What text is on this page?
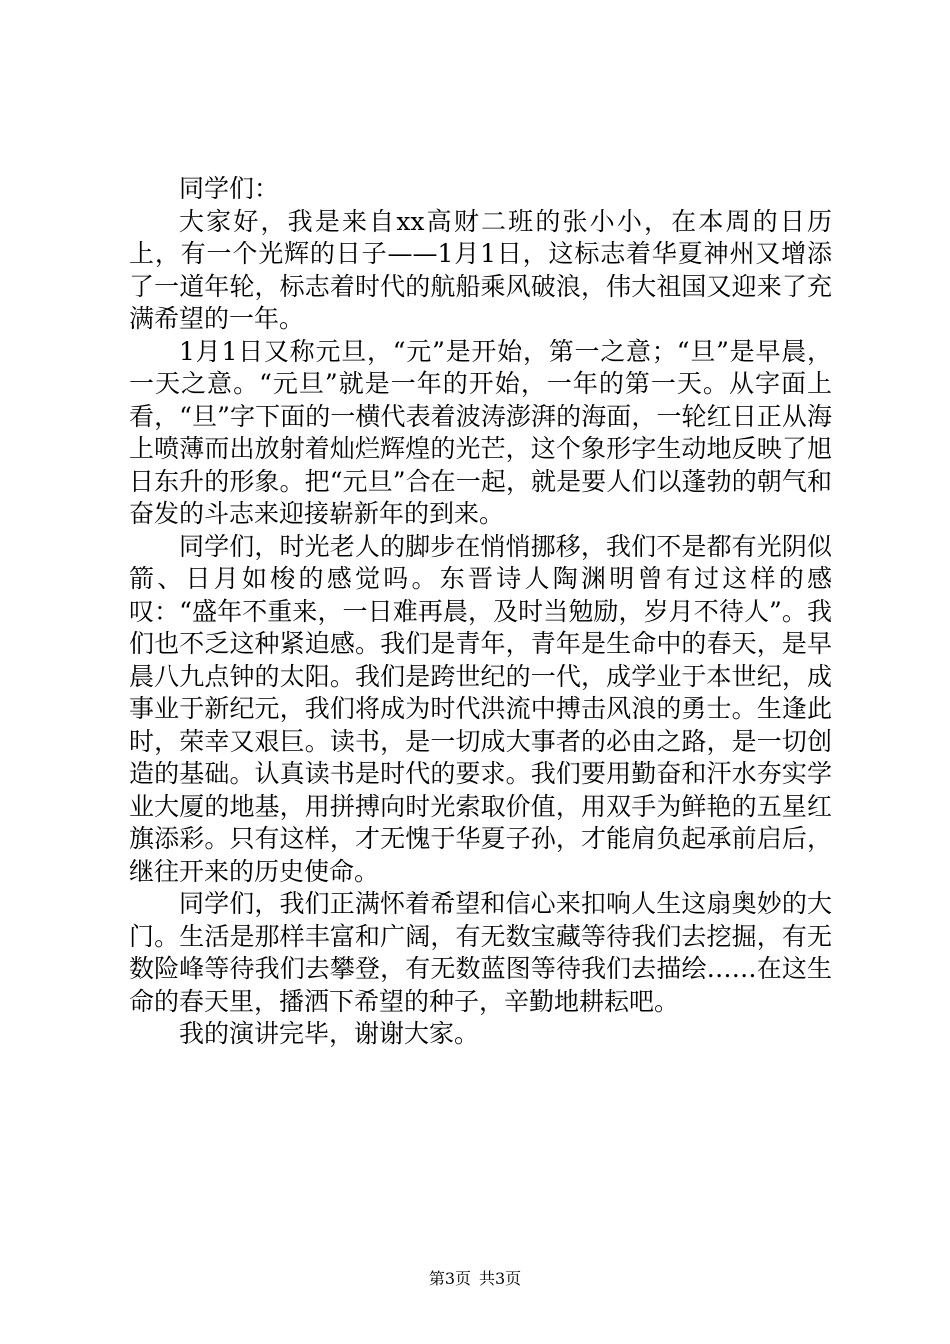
同学们：

大家好，我是来自xx高财二班的张小小，在本周的日历上，有一个光辉的日子——1月1日，这标志着华夏神州又增添了一道年轮，标志着时代的航船乘风破浪，伟大祖国又迎来了充满希望的一年。

1月1日又称元旦，“元”是开始，第一之意；“旦”是早晨，一天之意。“元旦”就是一年的开始，一年的第一天。从字面上看，“旦”字下面的一横代表着波涛澎湃的海面，一轮红日正从海上喷薄而出放射着灿烂辉煌的光芒，这个象形字生动地反映了旭日东升的形象。把“元旦”合在一起，就是要人们以蓬勃的朝气和奋发的斗志来迎接崭新年的到来。

同学们，时光老人的脚步在悄悄挪移，我们不是都有光阴似箭、日月如梭的感觉吗。东晋诗人陶渊明曾有过这样的感叹：“盛年不重来，一日难再晨，及时当勉励，岁月不待人”。我们也不乏这种紧迫感。我们是青年，青年是生命中的春天，是早晨八九点钟的太阳。我们是跨世纪的一代，成学业于本世纪，成事业于新纪元，我们将成为时代洪流中搏击风浪的勇士。生逢此时，荣幸又艰巨。读书，是一切成大事者的必由之路，是一切创造的基础。认真读书是时代的要求。我们要用勤奋和汗水夯实学业大厦的地基，用拼搏向时光索取价值，用双手为鲜艳的五星红旗添彩。只有这样，才无愧于华夏子孙，才能肩负起承前启后，继往开来的历史使命。

同学们，我们正满怀着希望和信心来扣响人生这扇奥妙的大门。生活是那样丰富和广阔，有无数宝藏等待我们去挖掘，有无数险峰等待我们去攀登，有无数蓝图等待我们去描绘……在这生命的春天里，播洒下希望的种子，辛勤地耕耘吧。

我的演讲完毕，谢谢大家。

第3页 共3页
